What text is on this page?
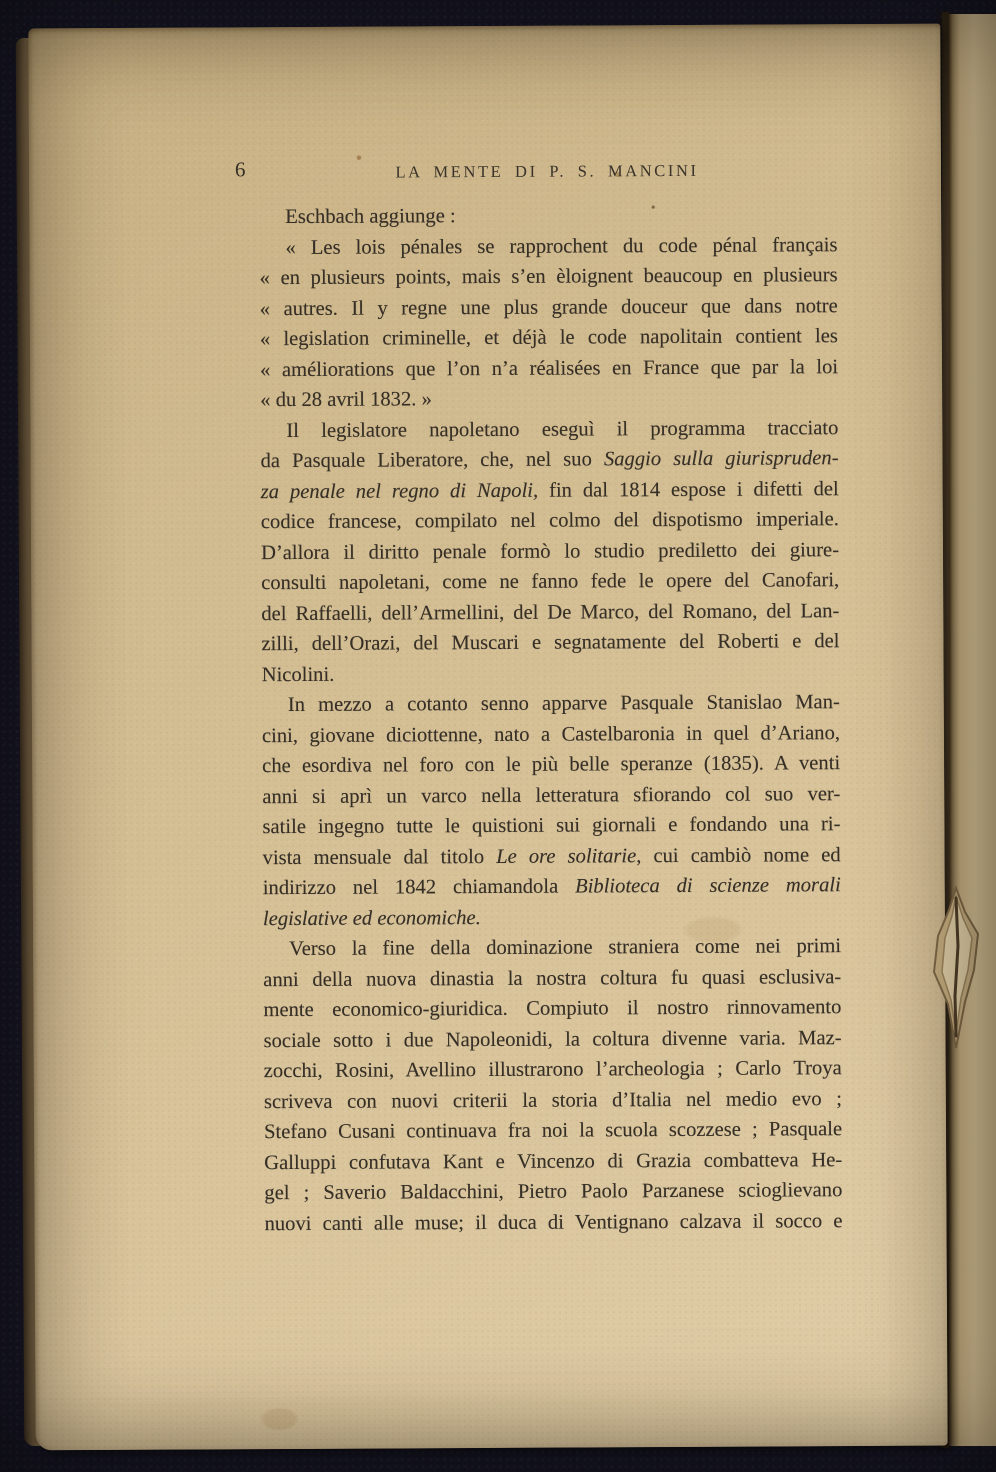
6	LA MENTE DI P. S. MANCINI
Eschbach aggiunge :
« Les lois pénales se rapprochent du code pénal français
« en plusieurs points, mais s’en èloignent beaucoup en plusieurs
« autres. Il y regne une plus grande douceur que dans notre
« legislation criminelle, et déjà le code napolitain contient les
« améliorations que l’on n’a réalisées en France que par la loi
« du 28 avril 1832. »
Il legislatore napoletano eseguì il programma tracciato
da Pasquale Liberatore, che, nel suo Saggio sulla giurispruden-
za penale nel regno di Napoli, fin dal 1814 espose i difetti del
codice francese, compilato nel colmo del dispotismo imperiale.
D’allora il diritto penale formò lo studio prediletto dei giure-
consulti napoletani, come ne fanno fede le opere del Canofari,
del Raffaelli, dell’Armellini, del De Marco, del Romano, del Lan-
zilli, dell’Orazi, del Muscari e segnatamente del Roberti e del
Nicolini.
In mezzo a cotanto senno apparve Pasquale Stanislao Man-
cini, giovane diciottenne, nato a Castelbaronia in quel d’Ariano,
che esordiva nel foro con le più belle speranze (1835). A venti
anni si aprì un varco nella letteratura sfiorando col suo ver-
satile ingegno tutte le quistioni sui giornali e fondando una ri-
vista mensuale dal titolo Le ore solitarie, cui cambiò nome ed
indirizzo nel 1842 chiamandola Biblioteca di scienze morali
legislative ed economiche.
Verso la fine della dominazione straniera come nei primi
anni della nuova dinastia la nostra coltura fu quasi esclusiva-
mente economico-giuridica. Compiuto il nostro rinnovamento
sociale sotto i due Napoleonidi, la coltura divenne varia. Maz-
zocchi, Rosini, Avellino illustrarono l’archeologia ; Carlo Troya
scriveva con nuovi criterii la storia d’Italia nel medio evo ;
Stefano Cusani continuava fra noi la scuola scozzese ; Pasquale
Galluppi confutava Kant e Vincenzo di Grazia combatteva He-
gel ; Saverio Baldacchini, Pietro Paolo Parzanese scioglievano
nuovi canti alle muse; il duca di Ventignano calzava il socco e
